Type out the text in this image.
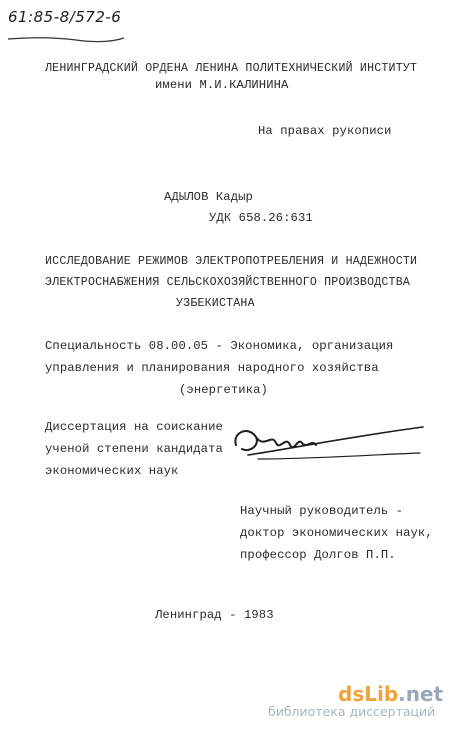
61:85-8/572-6
ЛЕНИНГРАДСКИЙ ОРДЕНА ЛЕНИНА ПОЛИТЕХНИЧЕСКИЙ ИНСТИТУТ
имени М.И.КАЛИНИНА
На правах рукописи
АДЫЛОВ Кадыр
УДК 658.26:631
ИССЛЕДОВАНИЕ РЕЖИМОВ ЭЛЕКТРОПОТРЕБЛЕНИЯ И НАДЕЖНОСТИ
ЭЛЕКТРОСНАБЖЕНИЯ СЕЛЬСКОХОЗЯЙСТВЕННОГО ПРОИЗВОДСТВА
УЗБЕКИСТАНА
Специальность 08.00.05 - Экономика, организация
управления и планирования народного хозяйства
(энергетика)
Диссертация на соискание
ученой степени кандидата
экономических наук
Научный руководитель -
доктор экономических наук,
профессор Долгов П.П.
Ленинград - 1983
dsLib.net
библиотека диссертаций
